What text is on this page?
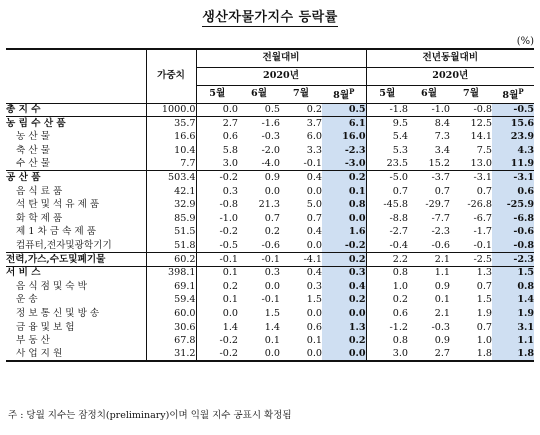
생산자물가지수 등락률
(%)
	가중치	전월대비				전년동월대비			
		2020년				2020년			
		5월	6월	7월	8월$^P$	5월	6월	7월	8월$^P$
총 지 수	1000.0	0.0	0.5	0.2	0.5	-1.8	-1.0	-0.8	-0.5
농 림 수 산 품	35.7	2.7	-1.6	3.7	6.1	9.5	8.4	12.5	15.6
농 산 물	16.6	0.6	-0.3	6.0	16.0	5.4	7.3	14.1	23.9
축 산 물	10.4	5.8	-2.0	3.3	-2.3	5.3	3.4	7.5	4.3
수 산 물	7.7	3.0	-4.0	-0.1	-3.0	23.5	15.2	13.0	11.9
공 산 품	503.4	-0.2	0.9	0.4	0.2	-5.0	-3.7	-3.1	-3.1
음 식 료 품	42.1	0.3	0.0	0.0	0.1	0.7	0.7	0.7	0.6
석 탄 및 석 유 제 품	32.9	-0.8	21.3	5.0	0.8	-45.8	-29.7	-26.8	-25.9
화 학 제 품	85.9	-1.0	0.7	0.7	0.0	-8.8	-7.7	-6.7	-6.8
제 1 차 금 속 제 품	51.5	-0.2	0.2	0.4	1.6	-2.7	-2.3	-1.7	-0.6
컴퓨터,전자및광학기기	51.8	-0.5	-0.6	0.0	-0.2	-0.4	-0.6	-0.1	-0.8
전력,가스,수도및폐기물	60.2	-0.1	-0.1	-4.1	0.2	2.2	2.1	-2.5	-2.3
서 비 스	398.1	0.1	0.3	0.4	0.3	0.8	1.1	1.3	1.5
음 식 점 및 숙 박	69.1	0.2	0.0	0.3	0.4	1.0	0.9	0.7	0.8
운 송	59.4	0.1	-0.1	1.5	0.2	0.2	0.1	1.5	1.4
정 보 통 신 및 방 송	60.0	0.0	1.5	0.0	0.0	0.6	2.1	1.9	1.9
금 융 및 보 험	30.6	1.4	1.4	0.6	1.3	-1.2	-0.3	0.7	3.1
부 동 산	67.8	-0.2	0.1	0.1	0.2	0.8	0.9	1.0	1.1
사 업 지 원	31.2	-0.2	0.0	0.0	0.0	3.0	2.7	1.8	1.8
주 : 당월 지수는 잠정치(preliminary)이며 익월 지수 공표시 확정됨
